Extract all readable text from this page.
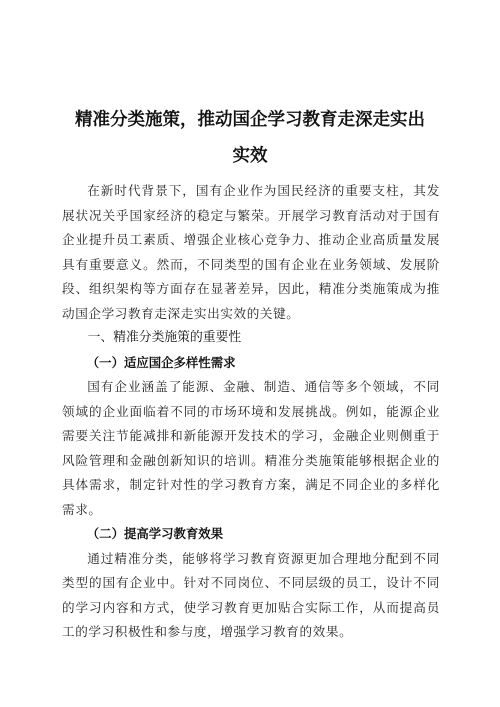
精准分类施策，推动国企学习教育走深走实出
实效

在新时代背景下，国有企业作为国民经济的重要支柱，其发展状况关乎国家经济的稳定与繁荣。开展学习教育活动对于国有企业提升员工素质、增强企业核心竞争力、推动企业高质量发展具有重要意义。然而，不同类型的国有企业在业务领域、发展阶段、组织架构等方面存在显著差异，因此，精准分类施策成为推动国企学习教育走深走实出实效的关键。

一、精准分类施策的重要性

（一）适应国企多样性需求

国有企业涵盖了能源、金融、制造、通信等多个领域，不同领域的企业面临着不同的市场环境和发展挑战。例如，能源企业需要关注节能减排和新能源开发技术的学习，金融企业则侧重于风险管理和金融创新知识的培训。精准分类施策能够根据企业的具体需求，制定针对性的学习教育方案，满足不同企业的多样化需求。

（二）提高学习教育效果

通过精准分类，能够将学习教育资源更加合理地分配到不同类型的国有企业中。针对不同岗位、不同层级的员工，设计不同的学习内容和方式，使学习教育更加贴合实际工作，从而提高员工的学习积极性和参与度，增强学习教育的效果。
